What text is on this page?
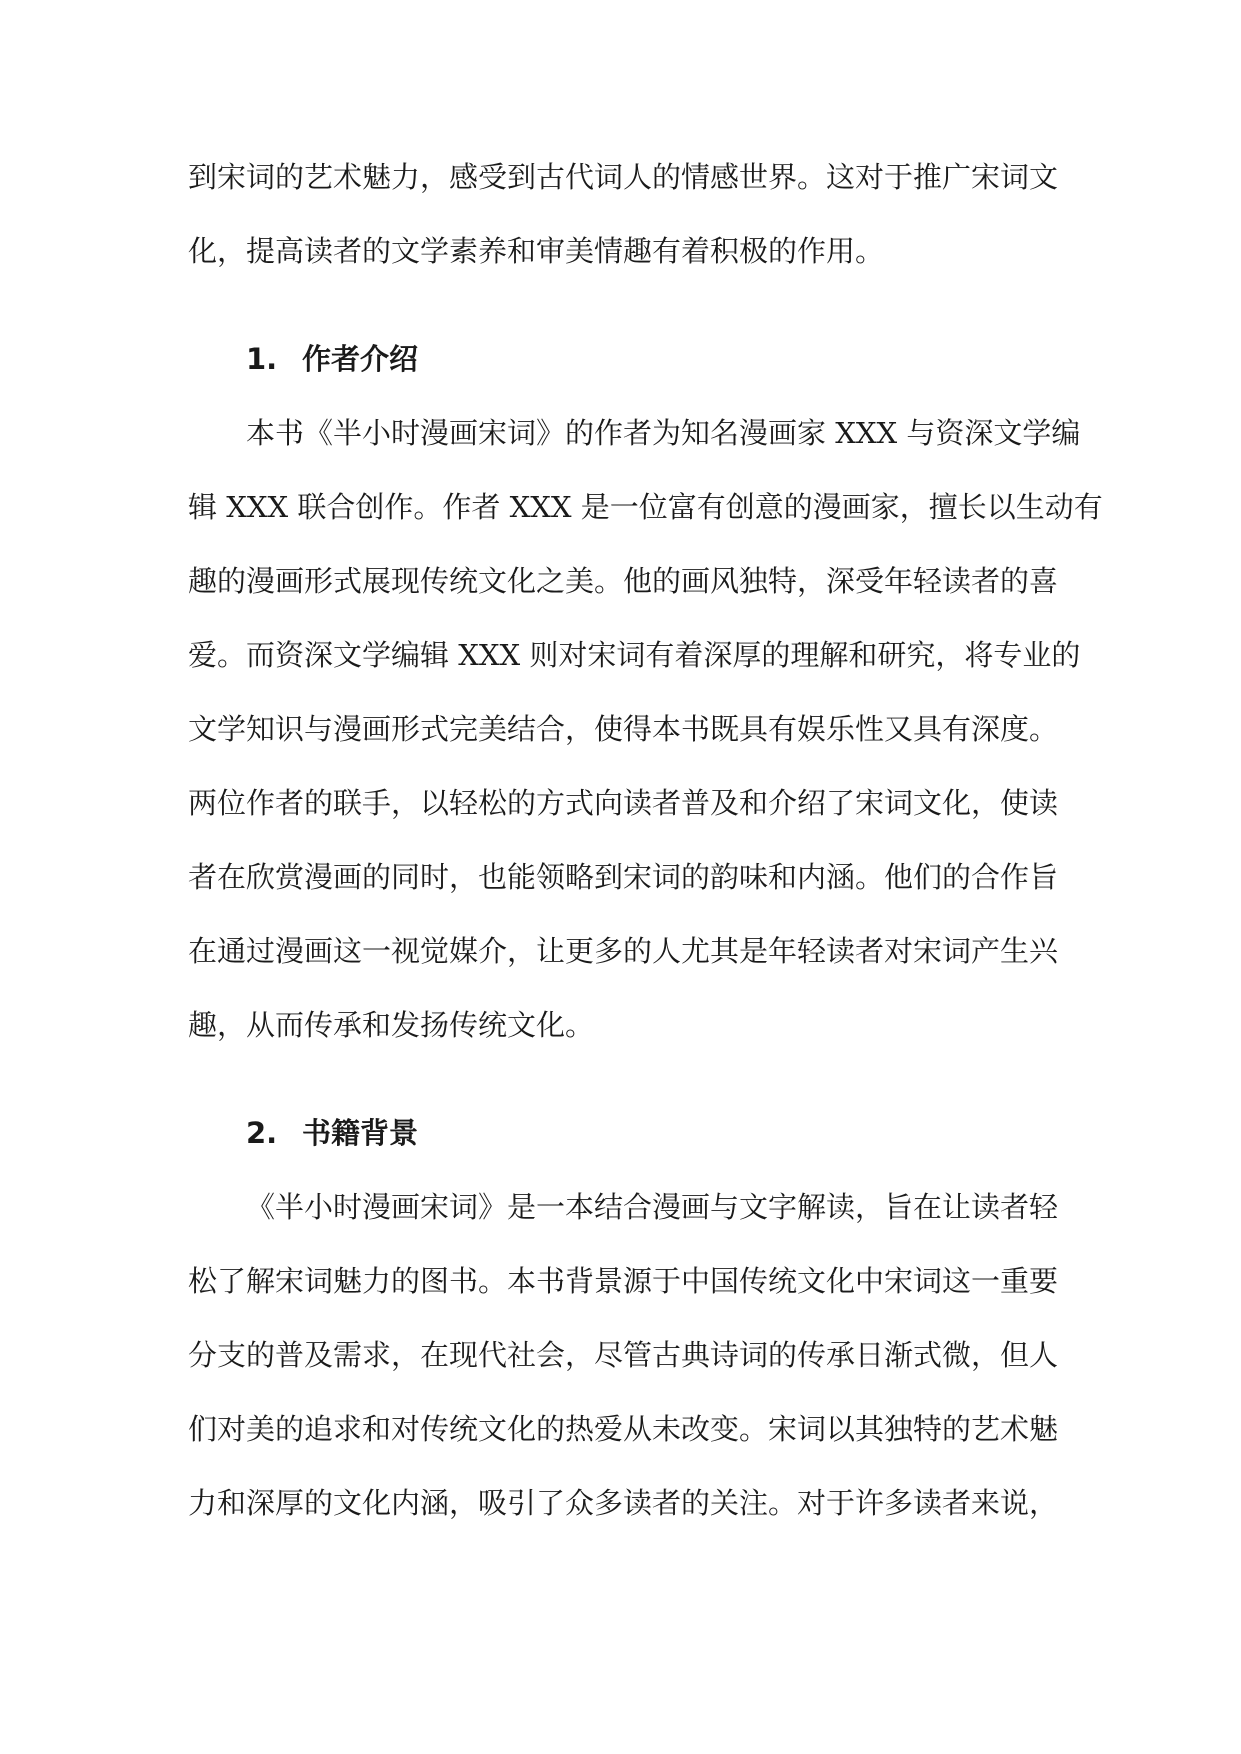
到宋词的艺术魅力，感受到古代词人的情感世界。这对于推广宋词文
化，提高读者的文学素养和审美情趣有着积极的作用。
1. 作者介绍
本书《半小时漫画宋词》的作者为知名漫画家 XXX 与资深文学编
辑 XXX 联合创作。作者 XXX 是一位富有创意的漫画家，擅长以生动有
趣的漫画形式展现传统文化之美。他的画风独特，深受年轻读者的喜
爱。而资深文学编辑 XXX 则对宋词有着深厚的理解和研究，将专业的
文学知识与漫画形式完美结合，使得本书既具有娱乐性又具有深度。
两位作者的联手，以轻松的方式向读者普及和介绍了宋词文化，使读
者在欣赏漫画的同时，也能领略到宋词的韵味和内涵。他们的合作旨
在通过漫画这一视觉媒介，让更多的人尤其是年轻读者对宋词产生兴
趣，从而传承和发扬传统文化。
2. 书籍背景
《半小时漫画宋词》是一本结合漫画与文字解读，旨在让读者轻
松了解宋词魅力的图书。本书背景源于中国传统文化中宋词这一重要
分支的普及需求，在现代社会，尽管古典诗词的传承日渐式微，但人
们对美的追求和对传统文化的热爱从未改变。宋词以其独特的艺术魅
力和深厚的文化内涵，吸引了众多读者的关注。对于许多读者来说，
